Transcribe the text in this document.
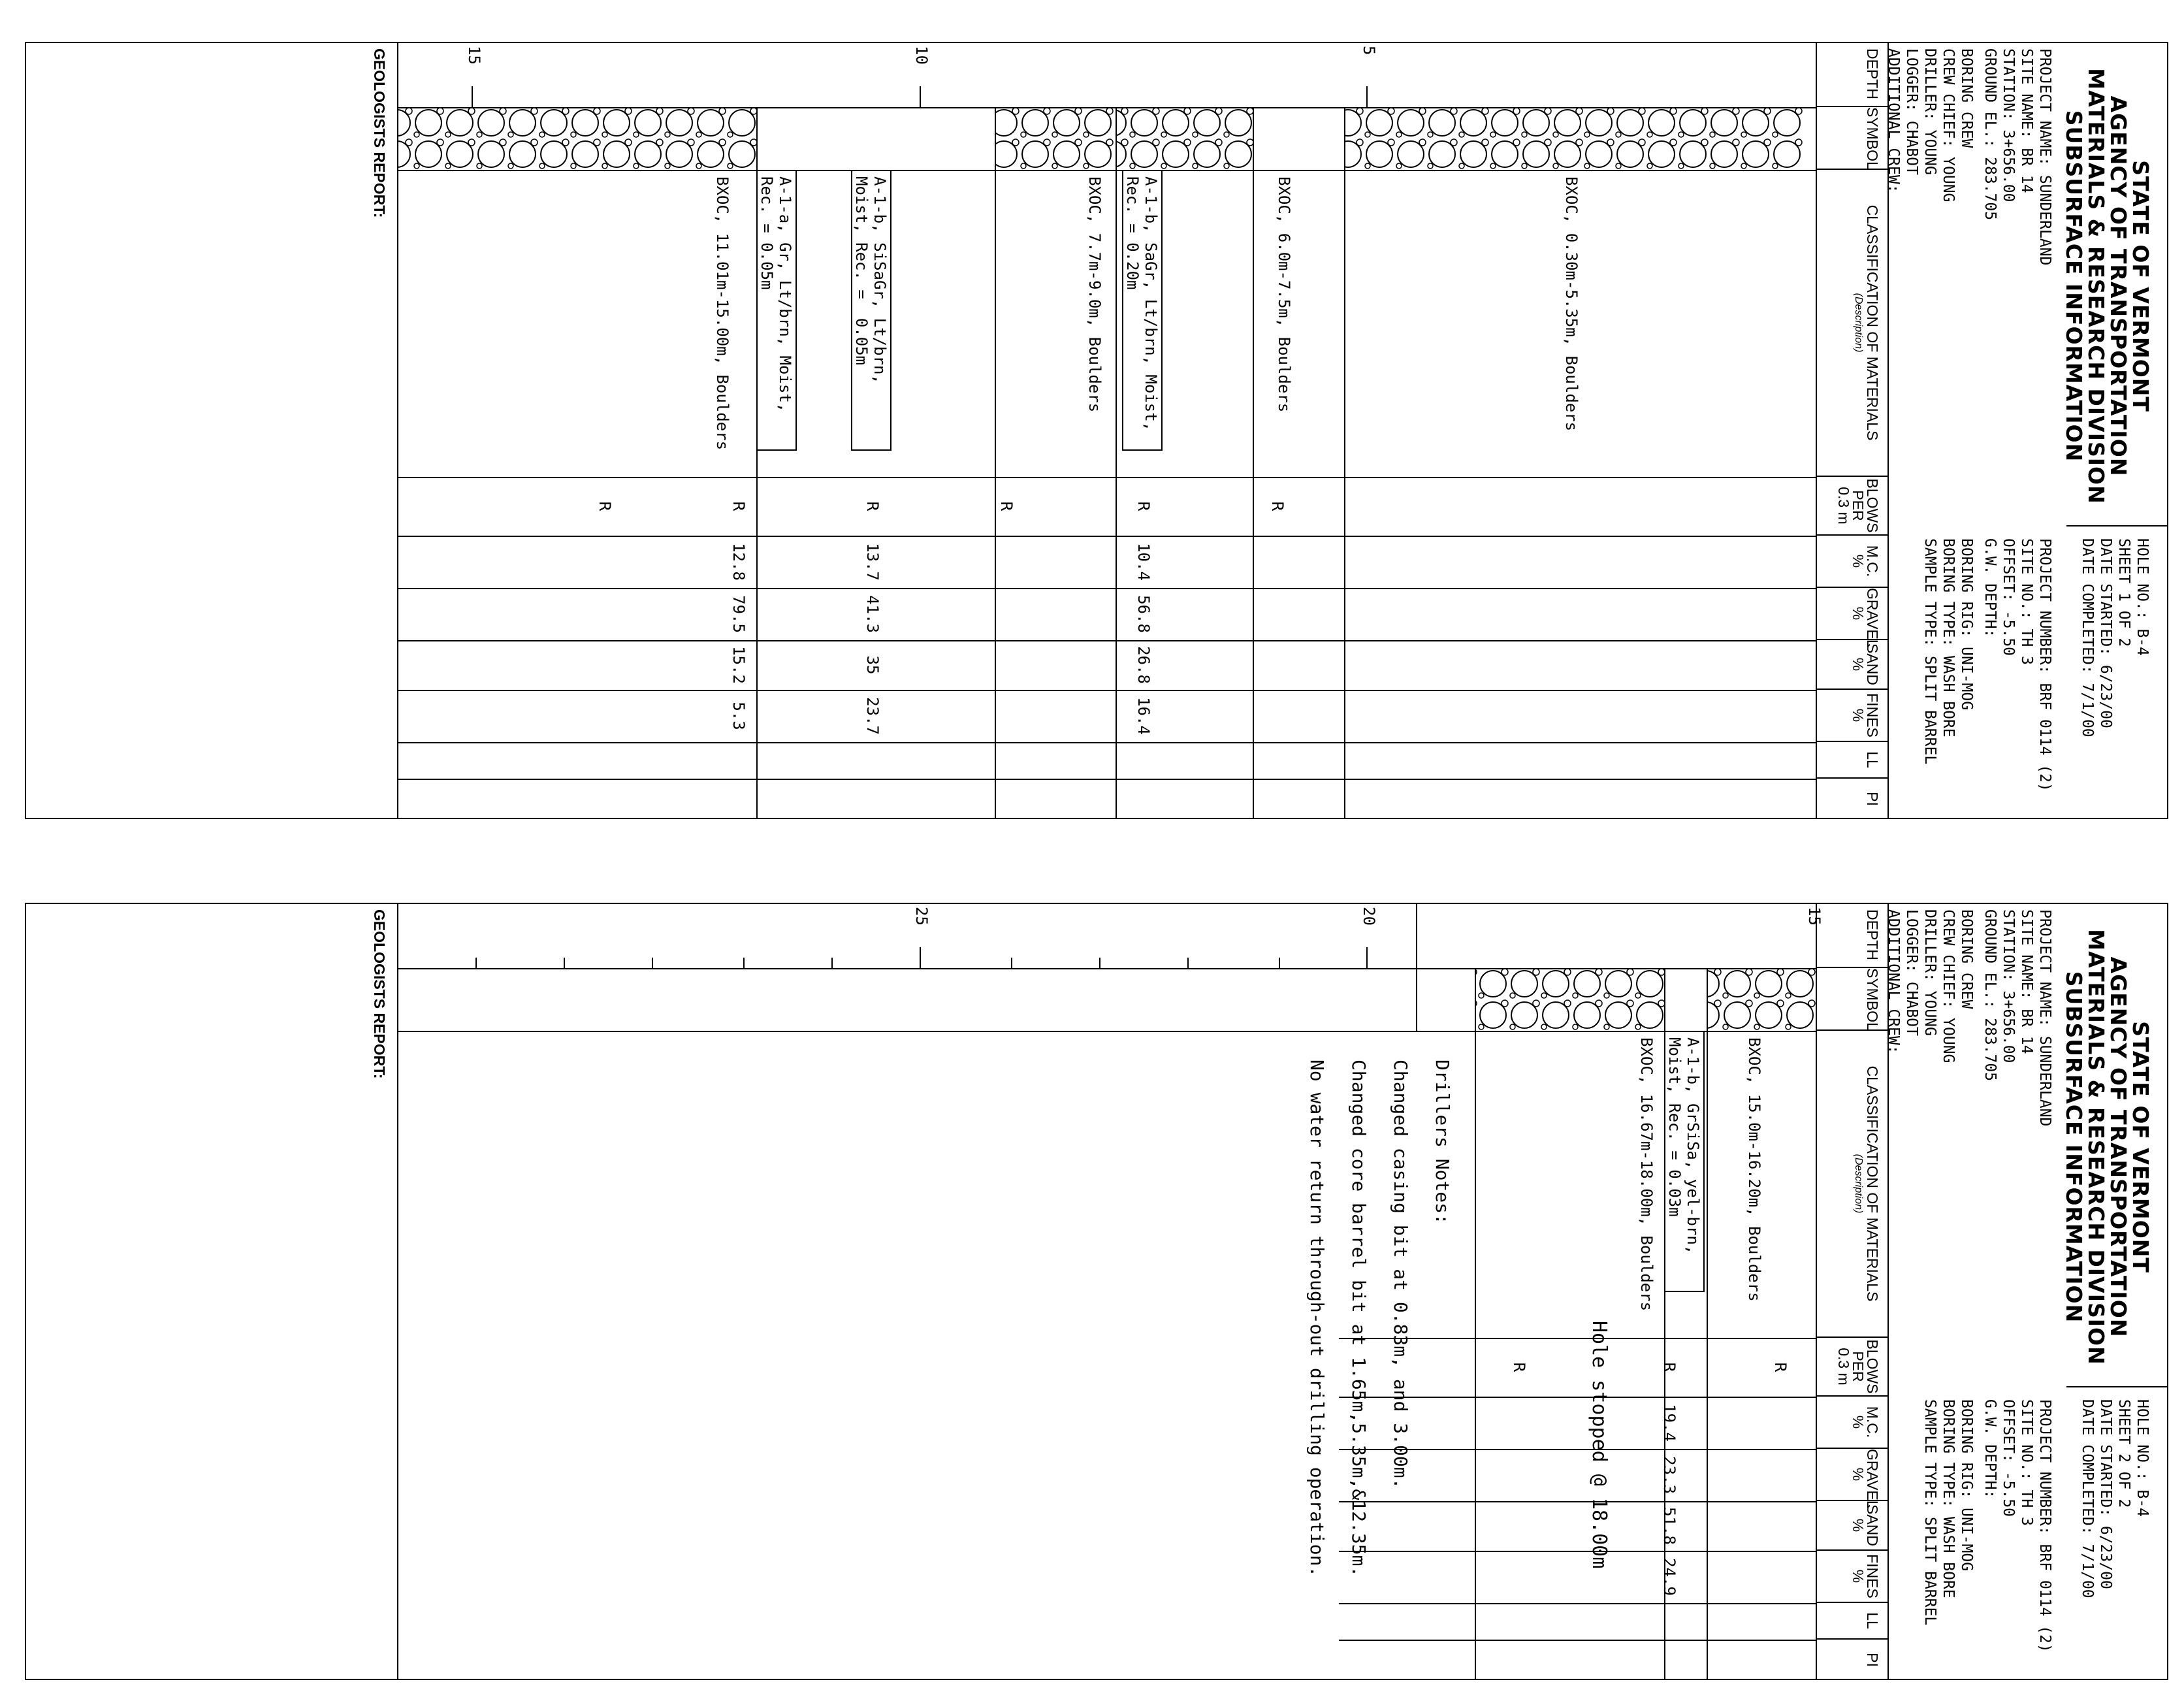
STATE OF VERMONT
AGENCY OF TRANSPORTATION
MATERIALS & RESEARCH DIVISION
SUBSURFACE INFORMATION
HOLE NO.: B-4
SHEET 1 OF 2
DATE STARTED: 6/23/00
DATE COMPLETED: 7/1/00
PROJECT NAME: SUNDERLAND
SITE NAME: BR 14
STATION: 3+656.00
GROUND EL.: 283.705
PROJECT NUMBER: BRF 0114 (2)
SITE NO.: TH 3
OFFSET: -5.50
G.W. DEPTH:
BORING CREW
CREW CHIEF: YOUNG
DRILLER: YOUNG
LOGGER: CHABOT
ADDITIONAL CREW:
BORING RIG: UNI-MOG
BORING TYPE: WASH BORE
SAMPLE TYPE: SPLIT BARREL
DEPTH
SYMBOL
CLASSIFICATION OF MATERIALS
(Description)
BLOWS
PER
0.3 m
M.C.
%
GRAVEL
%
SAND
%
FINES
%
LL
PI
5
10
15
BXOC, 0.30m-5.35m, Boulders
BXOC, 6.0m-7.5m, Boulders
A-1-b, SaGr, Lt/brn, Moist,
Rec. = 0.20m
BXOC, 7.7m-9.0m, Boulders
A-1-b, SiSaGr, Lt/brn,
Moist, Rec. =  0.05m
A-1-a, Gr, Lt/brn, Moist,
Rec. = 0.05m
BXOC, 11.01m-15.00m, Boulders
R
R
R
R
R
R
10.4
56.8
26.8
16.4
13.7
41.3
35
23.7
12.8
79.5
15.2
5.3
GEOLOGISTS REPORT:
STATE OF VERMONT
AGENCY OF TRANSPORTATION
MATERIALS & RESEARCH DIVISION
SUBSURFACE INFORMATION
HOLE NO.: B-4
SHEET 2 OF 2
DATE STARTED: 6/23/00
DATE COMPLETED: 7/1/00
PROJECT NAME: SUNDERLAND
SITE NAME: BR 14
STATION: 3+656.00
GROUND EL.: 283.705
PROJECT NUMBER: BRF 0114 (2)
SITE NO.: TH 3
OFFSET: -5.50
G.W. DEPTH:
BORING CREW
CREW CHIEF: YOUNG
DRILLER: YOUNG
LOGGER: CHABOT
ADDITIONAL CREW:
BORING RIG: UNI-MOG
BORING TYPE: WASH BORE
SAMPLE TYPE: SPLIT BARREL
DEPTH
SYMBOL
CLASSIFICATION OF MATERIALS
(Description)
BLOWS
PER
0.3 m
M.C.
%
GRAVEL
%
SAND
%
FINES
%
LL
PI
15
20
25
BXOC, 15.0m-16.20m, Boulders
A-1-b, GrSiSa, yel-brn,
Moist, Rec. = 0.03m
BXOC, 16.67m-18.00m, Boulders
R
R
R
19.4
23.3
51.8
24.9
Hole stopped @ 18.00m
Drillers Notes:
Changed casing bit at 0.83m, and 3.00m.
Changed core barrel bit at 1.65m,5.35m,&12.35m.
No water return through-out drilling operation.
GEOLOGISTS REPORT:
